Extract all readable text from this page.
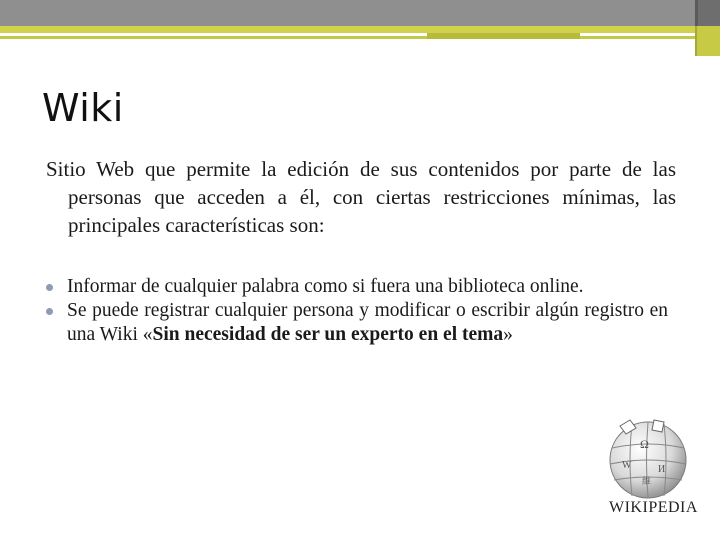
Wiki

Sitio Web que permite la edición de sus contenidos por parte de las personas que acceden a él, con ciertas restricciones mínimas, las principales características son:

Informar de cualquier palabra como si fuera una biblioteca online.
Se puede registrar cualquier persona y modificar o escribir algún registro en una Wiki «Sin necesidad de ser un experto en el tema»
Ω
W	И
維
WIKIPEDIA
